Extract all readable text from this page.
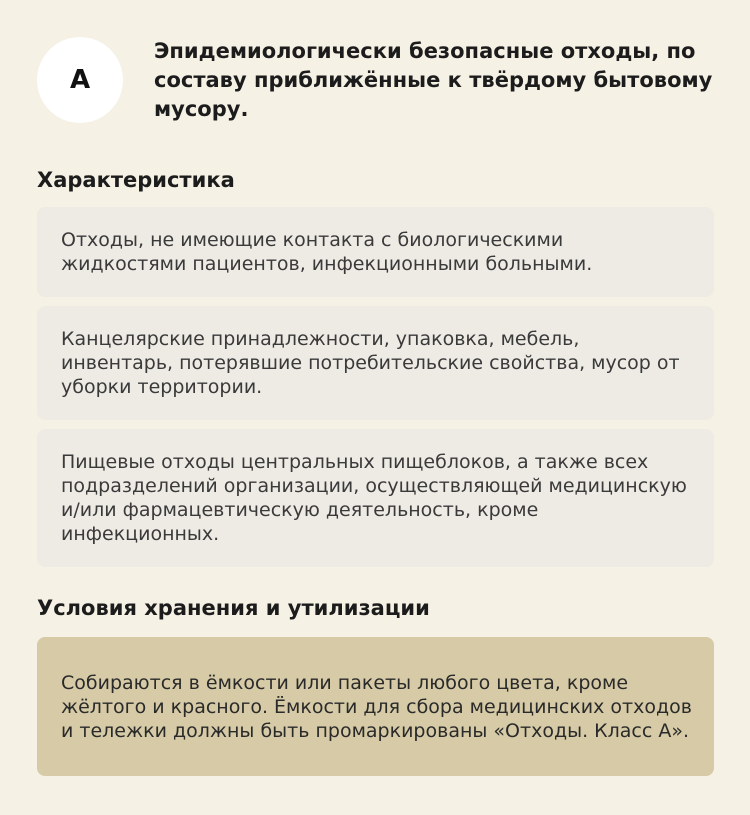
А
Эпидемиологически безопасные отходы, по составу приближённые к твёрдому бытовому мусору.
Характеристика

Отходы, не имеющие контакта с биологическими жидкостями пациентов, инфекционными больными.

Канцелярские принадлежности, упаковка, мебель, инвентарь, потерявшие потребительские свойства, мусор от уборки территории.

Пищевые отходы центральных пищеблоков, а также всех подразделений организации, осуществляющей медицинскую и/или фармацевтическую деятельность, кроме инфекционных.

Условия хранения и утилизации

Собираются в ёмкости или пакеты любого цвета, кроме жёлтого и красного. Ёмкости для сбора медицинских отходов и тележки должны быть промаркированы «Отходы. Класс А».
